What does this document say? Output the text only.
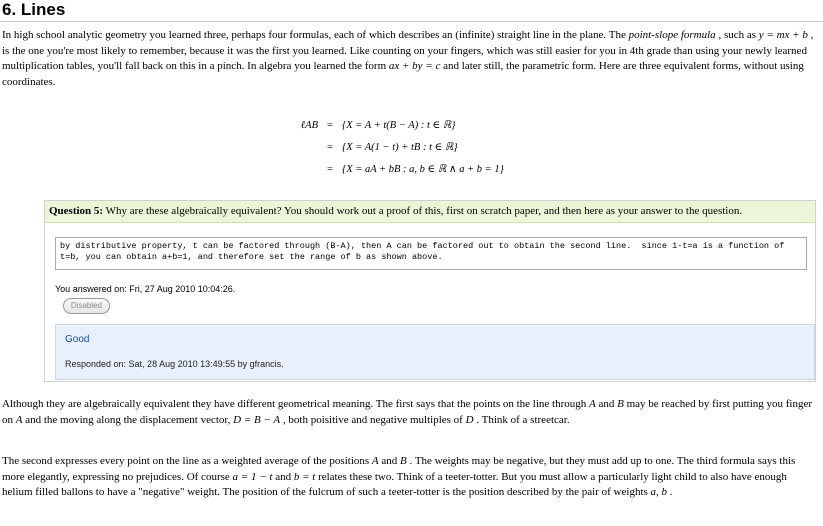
6. Lines

In high school analytic geometry you learned three, perhaps four formulas, each of which describes an (infinite) straight line in the plane. The point-slope formula , such as y = mx + b , is the one you're most likely to remember, because it was the first you learned. Like counting on your fingers, which was still easier for you in 4th grade than using your newly learned multiplication tables, you'll fall back on this in a pinch. In algebra you learned the form ax + by = c and later still, the parametric form. Here are three equivalent forms, without using coordinates.

ℓAB = {X = A + t(B − A) : t ∈ ℝ}
= {X = A(1 − t) + tB : t ∈ ℝ}
= {X = aA + bB : a, b ∈ ℝ ∧ a + b = 1}
Question 5: Why are these algebraically equivalent? You should work out a proof of this, first on scratch paper, and then here as your answer to the question.
by distributive property, t can be factored through (B-A), then A can be factored out to obtain the second line.  since 1-t=a is a function of t=b, you can obtain a+b=1, and therefore set the range of b as shown above.
You answered on: Fri, 27 Aug 2010 10:04:26.
Disabled
Good
Responded on: Sat, 28 Aug 2010 13:49:55 by gfrancis.

Although they are algebraically equivalent they have different geometrical meaning. The first says that the points on the line through A and B may be reached by first putting you finger on A and the moving along the displacement vector, D = B − A , both poisitive and negative multiples of D . Think of a streetcar.

The second expresses every point on the line as a weighted average of the positions A and B . The weights may be negative, but they must add up to one. The third formula says this more elegantly, expressing no prejudices. Of course a = 1 − t and b = t relates these two. Think of a teeter-totter. But you must allow a particularly light child to also have enough helium filled ballons to have a "negative" weight. The position of the fulcrum of such a teeter-totter is the position described by the pair of weights a, b .
